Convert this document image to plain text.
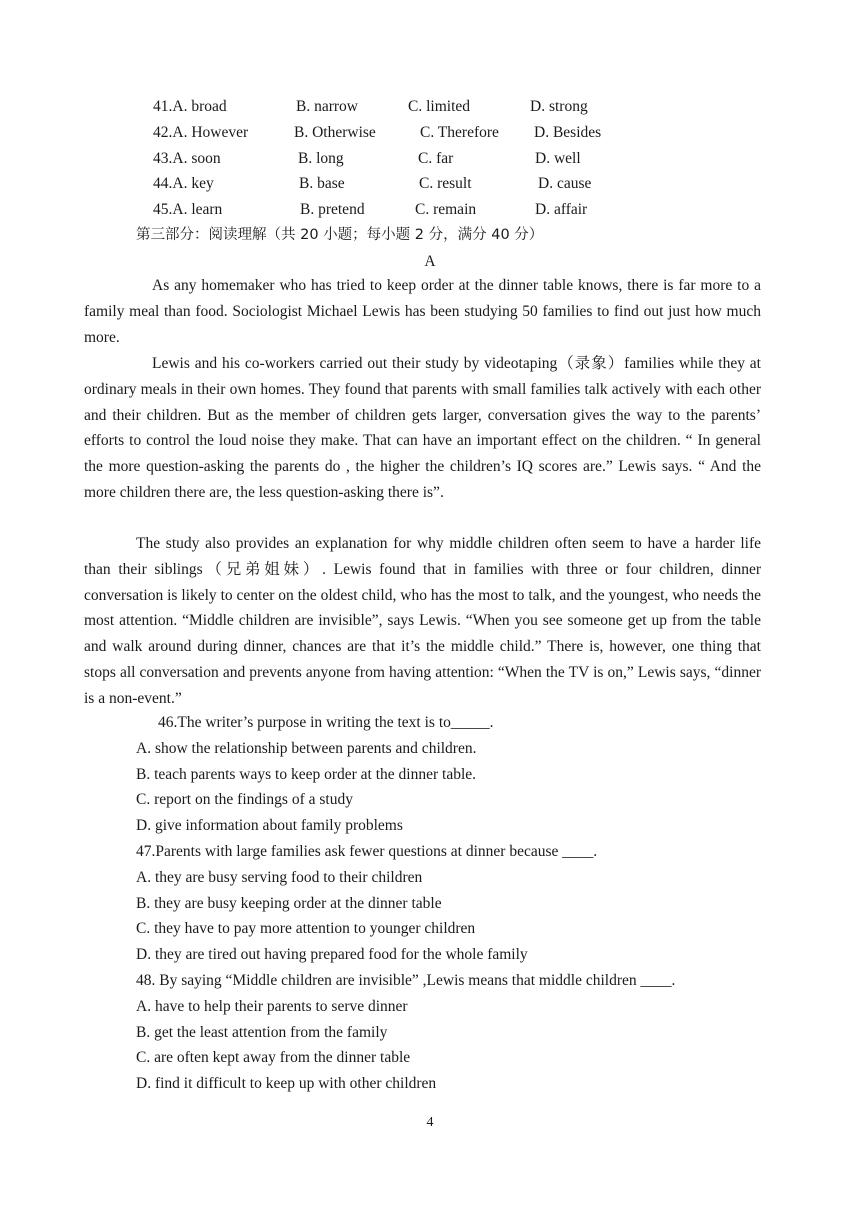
41.A. broad	B. narrow	C. limited	D. strong
42.A. However	B. Otherwise	C. Therefore D. Besides
43.A. soon	B. long	C. far	D. well
44.A. key	B. base	C. result	D. cause
45.A. learn	B. pretend	C. remain	D. affair
第三部分：阅读理解（共 20 小题；每小题 2 分，满分 40 分）
A
As any homemaker who has tried to keep order at the dinner table knows, there is far more to a family meal than food. Sociologist Michael Lewis has been studying 50 families to find out just how much more.
Lewis and his co-workers carried out their study by videotaping（录象）families while they at ordinary meals in their own homes. They found that parents with small families talk actively with each other and their children. But as the member of children gets larger, conversation gives the way to the parents’ efforts to control the loud noise they make. That can have an important effect on the children. “ In general the more question-asking the parents do , the higher the children’s IQ scores are.” Lewis says. “ And the more children there are, the less question-asking there is”.
The study also provides an explanation for why middle children often seem to have a harder life than their siblings（兄弟姐妹）. Lewis found that in families with three or four children, dinner conversation is likely to center on the oldest child, who has the most to talk, and the youngest, who needs the most attention. “Middle children are invisible”, says Lewis. “When you see someone get up from the table and walk around during dinner, chances are that it’s the middle child.” There is, however, one thing that stops all conversation and prevents anyone from having attention: “When the TV is on,” Lewis says, “dinner is a non-event.”
46.The writer’s purpose in writing the text is to_____.
A. show the relationship between parents and children.
B. teach parents ways to keep order at the dinner table.
C. report on the findings of a study
D. give information about family problems
47.Parents with large families ask fewer questions at dinner because ____.
A. they are busy serving food to their children
B. they are busy keeping order at the dinner table
C. they have to pay more attention to younger children
D. they are tired out having prepared food for the whole family
48. By saying “Middle children are invisible” ,Lewis means that middle children ____.
A. have to help their parents to serve dinner
B. get the least attention from the family
C. are often kept away from the dinner table
D. find it difficult to keep up with other children
4
